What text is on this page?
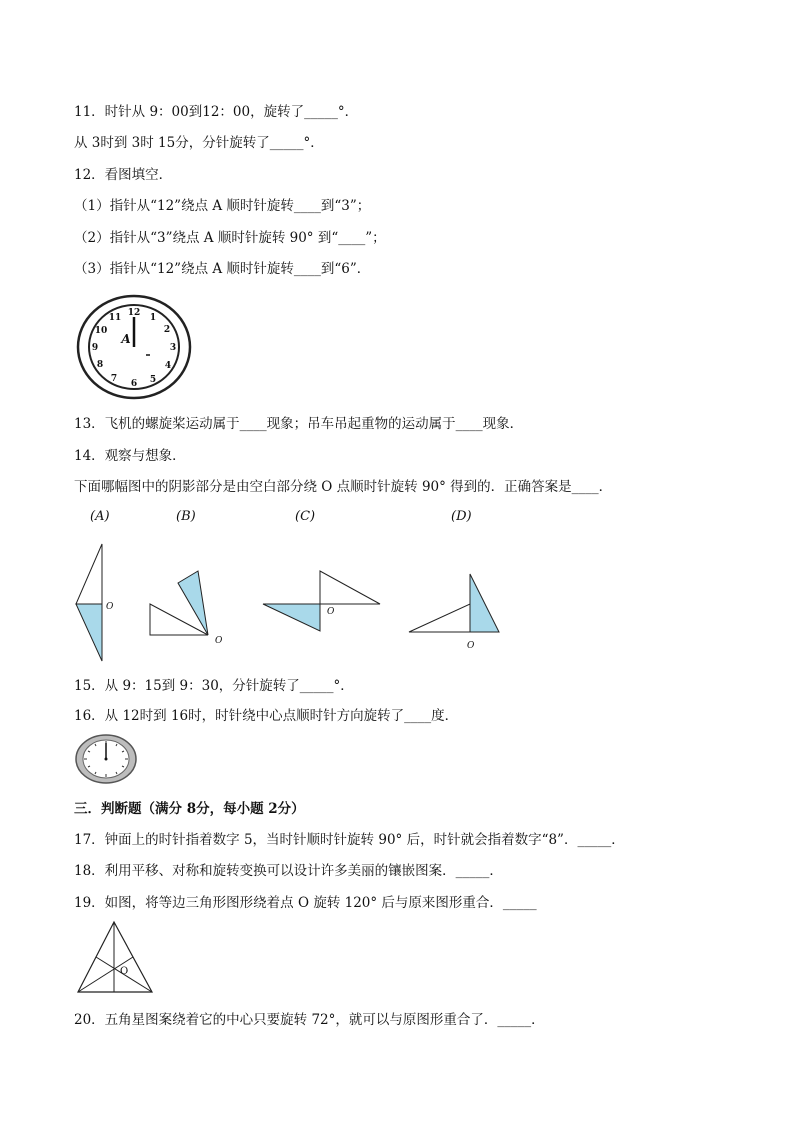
11．时针从 9：00到12：00，旋转了_____°．
从 3时到 3时 15分，分针旋转了_____°．
12．看图填空．
（1）指针从“12”绕点 A 顺时针旋转____到“3”；
（2）指针从“3”绕点 A 顺时针旋转 90° 到“____”；
（3）指针从“12”绕点 A 顺时针旋转____到“6”．
12 1
2
3
4
5
6
7
8
9
10
11
A
13．飞机的螺旋桨运动属于____现象；吊车吊起重物的运动属于____现象．
14．观察与想象．
下面哪幅图中的阴影部分是由空白部分绕 O 点顺时针旋转 90° 得到的．正确答案是____．
(A)	(B)	(C)	(D)
O
O
O
O
15．从 9：15到 9：30，分针旋转了_____°．
16．从 12时到 16时，时针绕中心点顺时针方向旋转了____度．
三．判断题（满分 8分，每小题 2分）
17．钟面上的时针指着数字 5，当时针顺时针旋转 90° 后，时针就会指着数字“8”．_____．
18．利用平移、对称和旋转变换可以设计许多美丽的镶嵌图案．_____．
19．如图，将等边三角形图形绕着点 O 旋转 120° 后与原来图形重合．_____
O
20．五角星图案绕着它的中心只要旋转 72°，就可以与原图形重合了．_____．
